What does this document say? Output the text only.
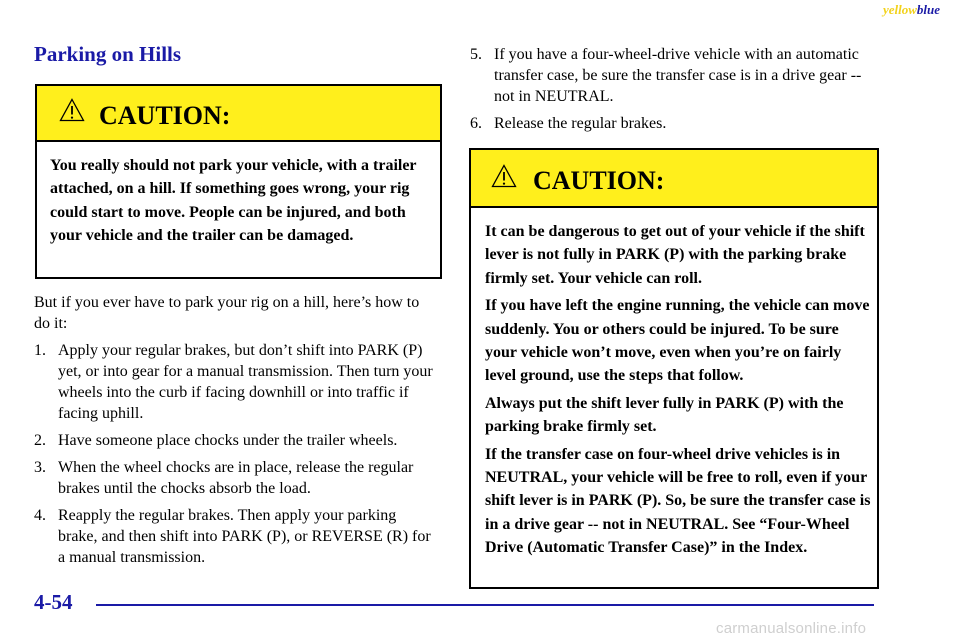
yellowblue
Parking on Hills
CAUTION:

You really should not park your vehicle, with a trailer attached, on a hill. If something goes wrong, your rig could start to move. People can be injured, and both your vehicle and the trailer can be damaged.

But if you ever have to park your rig on a hill, here’s how to do it:

1. Apply your regular brakes, but don’t shift into PARK (P) yet, or into gear for a manual transmission. Then turn your wheels into the curb if facing downhill or into traffic if facing uphill.
2. Have someone place chocks under the trailer wheels.
3. When the wheel chocks are in place, release the regular brakes until the chocks absorb the load.
4. Reapply the regular brakes. Then apply your parking brake, and then shift into PARK (P), or REVERSE (R) for a manual transmission.
5. If you have a four-wheel-drive vehicle with an automatic transfer case, be sure the transfer case is in a drive gear -- not in NEUTRAL.
6. Release the regular brakes.
CAUTION:

It can be dangerous to get out of your vehicle if the shift lever is not fully in PARK (P) with the parking brake firmly set. Your vehicle can roll.

If you have left the engine running, the vehicle can move suddenly. You or others could be injured. To be sure your vehicle won’t move, even when you’re on fairly level ground, use the steps that follow.

Always put the shift lever fully in PARK (P) with the parking brake firmly set.

If the transfer case on four-wheel drive vehicles is in NEUTRAL, your vehicle will be free to roll, even if your shift lever is in PARK (P). So, be sure the transfer case is in a drive gear -- not in NEUTRAL. See “Four-Wheel Drive (Automatic Transfer Case)” in the Index.

4-54
carmanualsonline.info
